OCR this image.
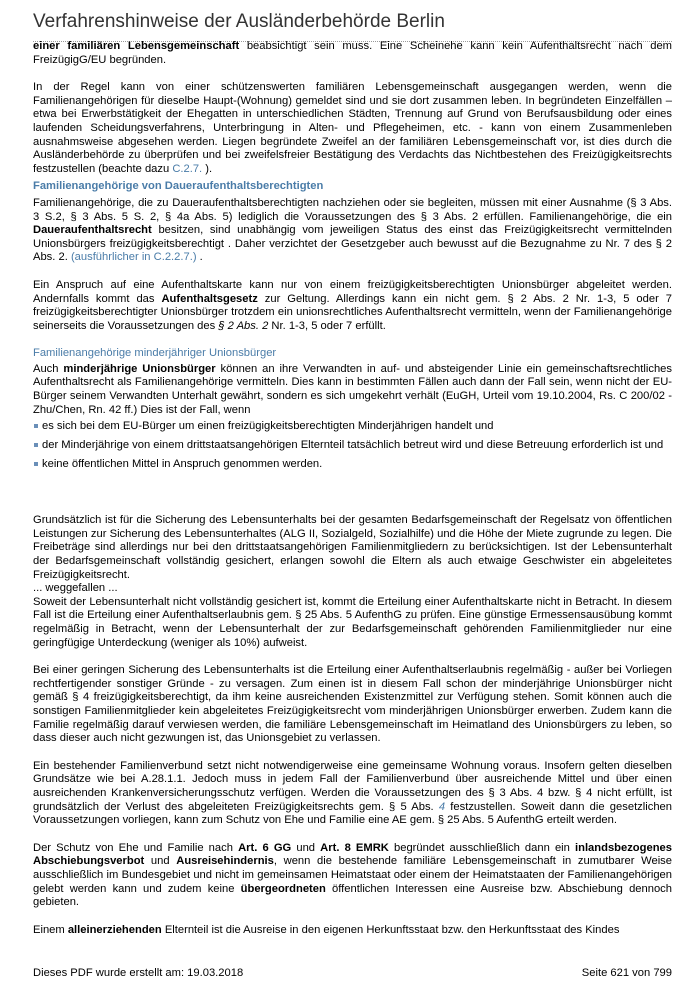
Verfahrenshinweise der Ausländerbehörde Berlin

einer familiären Lebensgemeinschaft beabsichtigt sein muss. Eine Scheinehe kann kein Aufenthaltsrecht nach dem FreizügigG/EU begründen.

In der Regel kann von einer schützenswerten familiären Lebensgemeinschaft ausgegangen werden, wenn die Familienangehörigen für dieselbe Haupt-(Wohnung) gemeldet sind und sie dort zusammen leben. In begründeten Einzelfällen – etwa bei Erwerbstätigkeit der Ehegatten in unterschiedlichen Städten, Trennung auf Grund von Berufsausbildung oder eines laufenden Scheidungsverfahrens, Unterbringung in Alten- und Pflegeheimen, etc. - kann von einem Zusammenleben ausnahmsweise abgesehen werden. Liegen begründete Zweifel an der familiären Lebensgemeinschaft vor, ist dies durch die Ausländerbehörde zu überprüfen und bei zweifelsfreier Bestätigung des Verdachts das Nichtbestehen des Freizügigkeitsrechts festzustellen (beachte dazu C.2.7. ).

Familienangehörige von Daueraufenthaltsberechtigten

Familienangehörige, die zu Daueraufenthaltsberechtigten nachziehen oder sie begleiten, müssen mit einer Ausnahme (§ 3 Abs. 3 S.2, § 3 Abs. 5 S. 2, § 4a Abs. 5) lediglich die Voraussetzungen des § 3 Abs. 2 erfüllen. Familienangehörige, die ein Daueraufenthaltsrecht besitzen, sind unabhängig vom jeweiligen Status des einst das Freizügigkeitsrecht vermittelnden Unionsbürgers freizügigkeitsberechtigt . Daher verzichtet der Gesetzgeber auch bewusst auf die Bezugnahme zu Nr. 7 des § 2 Abs. 2. (ausführlicher in C.2.2.7.) .

Ein Anspruch auf eine Aufenthaltskarte kann nur von einem freizügigkeitsberechtigten Unionsbürger abgeleitet werden. Andernfalls kommt das Aufenthaltsgesetz zur Geltung. Allerdings kann ein nicht gem. § 2 Abs. 2 Nr. 1-3, 5 oder 7 freizügigkeitsberechtigter Unionsbürger trotzdem ein unionsrechtliches Aufenthaltsrecht vermitteln, wenn der Familienangehörige seinerseits die Voraussetzungen des § 2 Abs. 2 Nr. 1-3, 5 oder 7 erfüllt.

Familienangehörige minderjähriger Unionsbürger

Auch minderjährige Unionsbürger können an ihre Verwandten in auf- und absteigender Linie ein gemeinschaftsrechtliches Aufenthaltsrecht als Familienangehörige vermitteln. Dies kann in bestimmten Fällen auch dann der Fall sein, wenn nicht der EU-Bürger seinem Verwandten Unterhalt gewährt, sondern es sich umgekehrt verhält (EuGH, Urteil vom 19.10.2004, Rs. C 200/02 - Zhu/Chen, Rn. 42 ff.) Dies ist der Fall, wenn

es sich bei dem EU-Bürger um einen freizügigkeitsberechtigten Minderjährigen handelt und
der Minderjährige von einem drittstaatsangehörigen Elternteil tatsächlich betreut wird und diese Betreuung erforderlich ist und
keine öffentlichen Mittel in Anspruch genommen werden.

Grundsätzlich ist für die Sicherung des Lebensunterhalts bei der gesamten Bedarfsgemeinschaft der Regelsatz von öffentlichen Leistungen zur Sicherung des Lebensunterhaltes (ALG II, Sozialgeld, Sozialhilfe) und die Höhe der Miete zugrunde zu legen. Die Freibeträge sind allerdings nur bei den drittstaatsangehörigen Familienmitgliedern zu berücksichtigen. Ist der Lebensunterhalt der Bedarfsgemeinschaft vollständig gesichert, erlangen sowohl die Eltern als auch etwaige Geschwister ein abgeleitetes Freizügigkeitsrecht.

... weggefallen ...

Soweit der Lebensunterhalt nicht vollständig gesichert ist, kommt die Erteilung einer Aufenthaltskarte nicht in Betracht. In diesem Fall ist die Erteilung einer Aufenthaltserlaubnis gem. § 25 Abs. 5 AufenthG zu prüfen. Eine günstige Ermessensausübung kommt regelmäßig in Betracht, wenn der Lebensunterhalt der zur Bedarfsgemeinschaft gehörenden Familienmitglieder nur eine geringfügige Unterdeckung (weniger als 10%) aufweist.

Bei einer geringen Sicherung des Lebensunterhalts ist die Erteilung einer Aufenthaltserlaubnis regelmäßig - außer bei Vorliegen rechtfertigender sonstiger Gründe - zu versagen. Zum einen ist in diesem Fall schon der minderjährige Unionsbürger nicht gemäß § 4 freizügigkeitsberechtigt, da ihm keine ausreichenden Existenzmittel zur Verfügung stehen. Somit können auch die sonstigen Familienmitglieder kein abgeleitetes Freizügigkeitsrecht vom minderjährigen Unionsbürger erwerben. Zudem kann die Familie regelmäßig darauf verwiesen werden, die familiäre Lebensgemeinschaft im Heimatland des Unionsbürgers zu leben, so dass dieser auch nicht gezwungen ist, das Unionsgebiet zu verlassen.

Ein bestehender Familienverbund setzt nicht notwendigerweise eine gemeinsame Wohnung voraus. Insofern gelten dieselben Grundsätze wie bei A.28.1.1. Jedoch muss in jedem Fall der Familienverbund über ausreichende Mittel und über einen ausreichenden Krankenversicherungsschutz verfügen. Werden die Voraussetzungen des § 3 Abs. 4 bzw. § 4 nicht erfüllt, ist grundsätzlich der Verlust des abgeleiteten Freizügigkeitsrechts gem. § 5 Abs. 4 festzustellen. Soweit dann die gesetzlichen Voraussetzungen vorliegen, kann zum Schutz von Ehe und Familie eine AE gem. § 25 Abs. 5 AufenthG erteilt werden.

Der Schutz von Ehe und Familie nach Art. 6 GG und Art. 8 EMRK begründet ausschließlich dann ein inlandsbezogenes Abschiebungsverbot und Ausreisehindernis, wenn die bestehende familiäre Lebensgemeinschaft in zumutbarer Weise ausschließlich im Bundesgebiet und nicht im gemeinsamen Heimatstaat oder einem der Heimatstaaten der Familienangehörigen gelebt werden kann und zudem keine übergeordneten öffentlichen Interessen eine Ausreise bzw. Abschiebung dennoch gebieten.

Einem alleinerziehenden Elternteil ist die Ausreise in den eigenen Herkunftsstaat bzw. den Herkunftsstaat des Kindes

Dieses PDF wurde erstellt am: 19.03.2018	Seite 621 von 799
